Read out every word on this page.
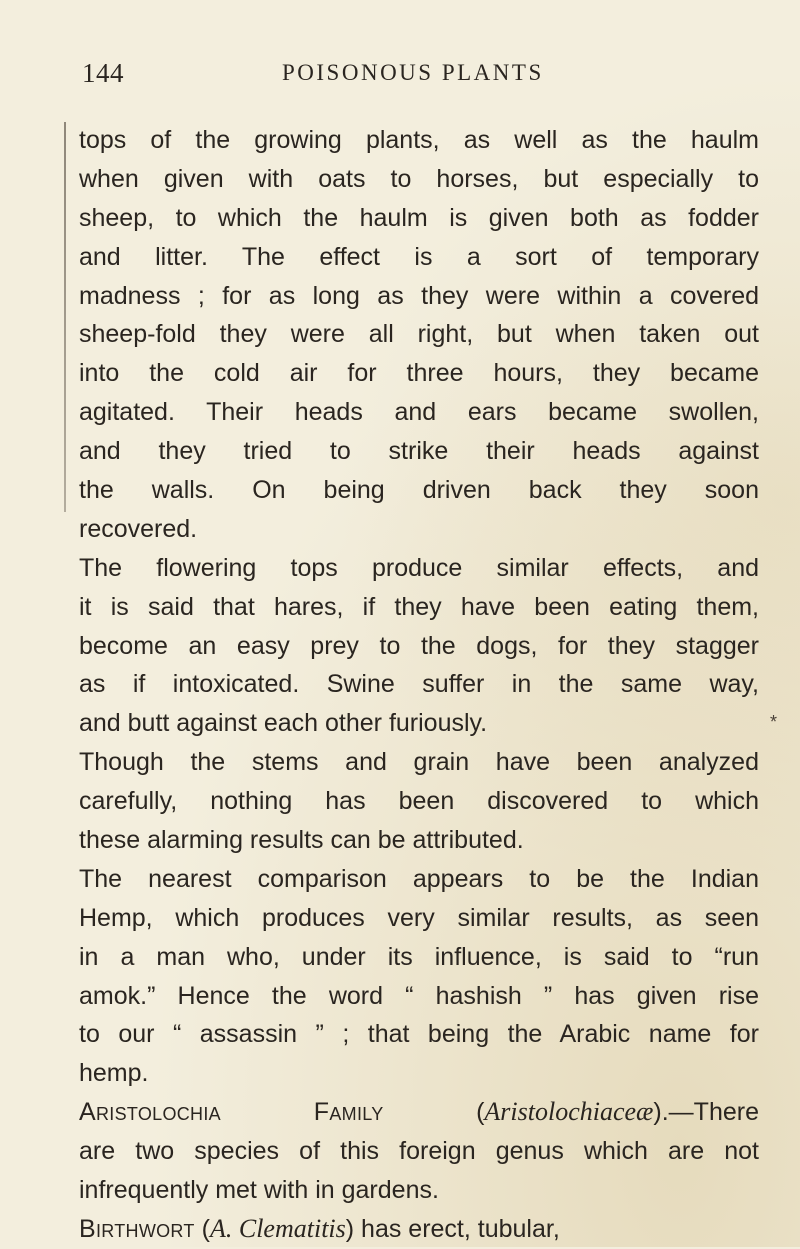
144	POISONOUS PLANTS
*
tops of the growing plants, as well as the haulm
when given with oats to horses, but especially to
sheep, to which the haulm is given both as fodder
and litter. The effect is a sort of temporary
madness ; for as long as they were within a covered
sheep-fold they were all right, but when taken out
into the cold air for three hours, they became
agitated. Their heads and ears became swollen,
and they tried to strike their heads against
the walls. On being driven back they soon
recovered.
The flowering tops produce similar effects, and
it is said that hares, if they have been eating them,
become an easy prey to the dogs, for they stagger
as if intoxicated. Swine suffer in the same way,
and butt against each other furiously.
Though the stems and grain have been analyzed
carefully, nothing has been discovered to which
these alarming results can be attributed.
The nearest comparison appears to be the Indian
Hemp, which produces very similar results, as seen
in a man who, under its influence, is said to “run
amok.” Hence the word “ hashish ” has given rise
to our “ assassin ” ; that being the Arabic name for
hemp.
Aristolochia Family (Aristolochiaceæ).—There
are two species of this foreign genus which are not
infrequently met with in gardens.
Birthwort (A. Clematitis) has erect, tubular,
